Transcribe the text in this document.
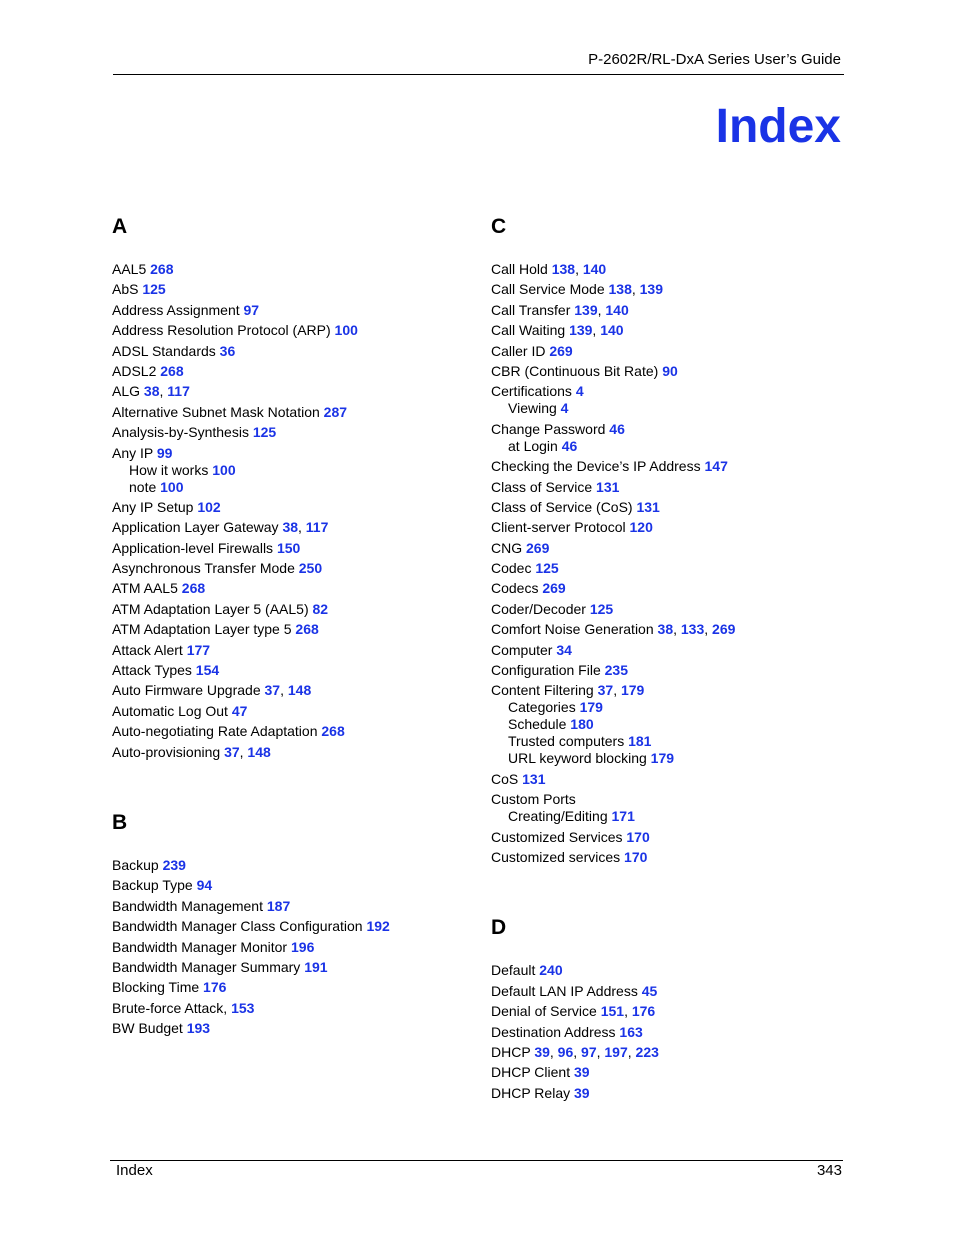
P-2602R/RL-DxA Series User’s Guide
Index
A
AAL5 268
AbS 125
Address Assignment 97
Address Resolution Protocol (ARP) 100
ADSL Standards 36
ADSL2 268
ALG 38, 117
Alternative Subnet Mask Notation 287
Analysis-by-Synthesis 125
Any IP 99
How it works 100
note 100
Any IP Setup 102
Application Layer Gateway 38, 117
Application-level Firewalls 150
Asynchronous Transfer Mode 250
ATM AAL5 268
ATM Adaptation Layer 5 (AAL5) 82
ATM Adaptation Layer type 5 268
Attack Alert 177
Attack Types 154
Auto Firmware Upgrade 37, 148
Automatic Log Out 47
Auto-negotiating Rate Adaptation 268
Auto-provisioning 37, 148
B
Backup 239
Backup Type 94
Bandwidth Management 187
Bandwidth Manager Class Configuration 192
Bandwidth Manager Monitor 196
Bandwidth Manager Summary 191
Blocking Time 176
Brute-force Attack, 153
BW Budget 193
C
Call Hold 138, 140
Call Service Mode 138, 139
Call Transfer 139, 140
Call Waiting 139, 140
Caller ID 269
CBR (Continuous Bit Rate) 90
Certifications 4
Viewing 4
Change Password 46
at Login 46
Checking the Device’s IP Address 147
Class of Service 131
Class of Service (CoS) 131
Client-server Protocol 120
CNG 269
Codec 125
Codecs 269
Coder/Decoder 125
Comfort Noise Generation 38, 133, 269
Computer 34
Configuration File 235
Content Filtering 37, 179
Categories 179
Schedule 180
Trusted computers 181
URL keyword blocking 179
CoS 131
Custom Ports
Creating/Editing 171
Customized Services 170
Customized services 170
D
Default 240
Default LAN IP Address 45
Denial of Service 151, 176
Destination Address 163
DHCP 39, 96, 97, 197, 223
DHCP Client 39
DHCP Relay 39
Index	343
